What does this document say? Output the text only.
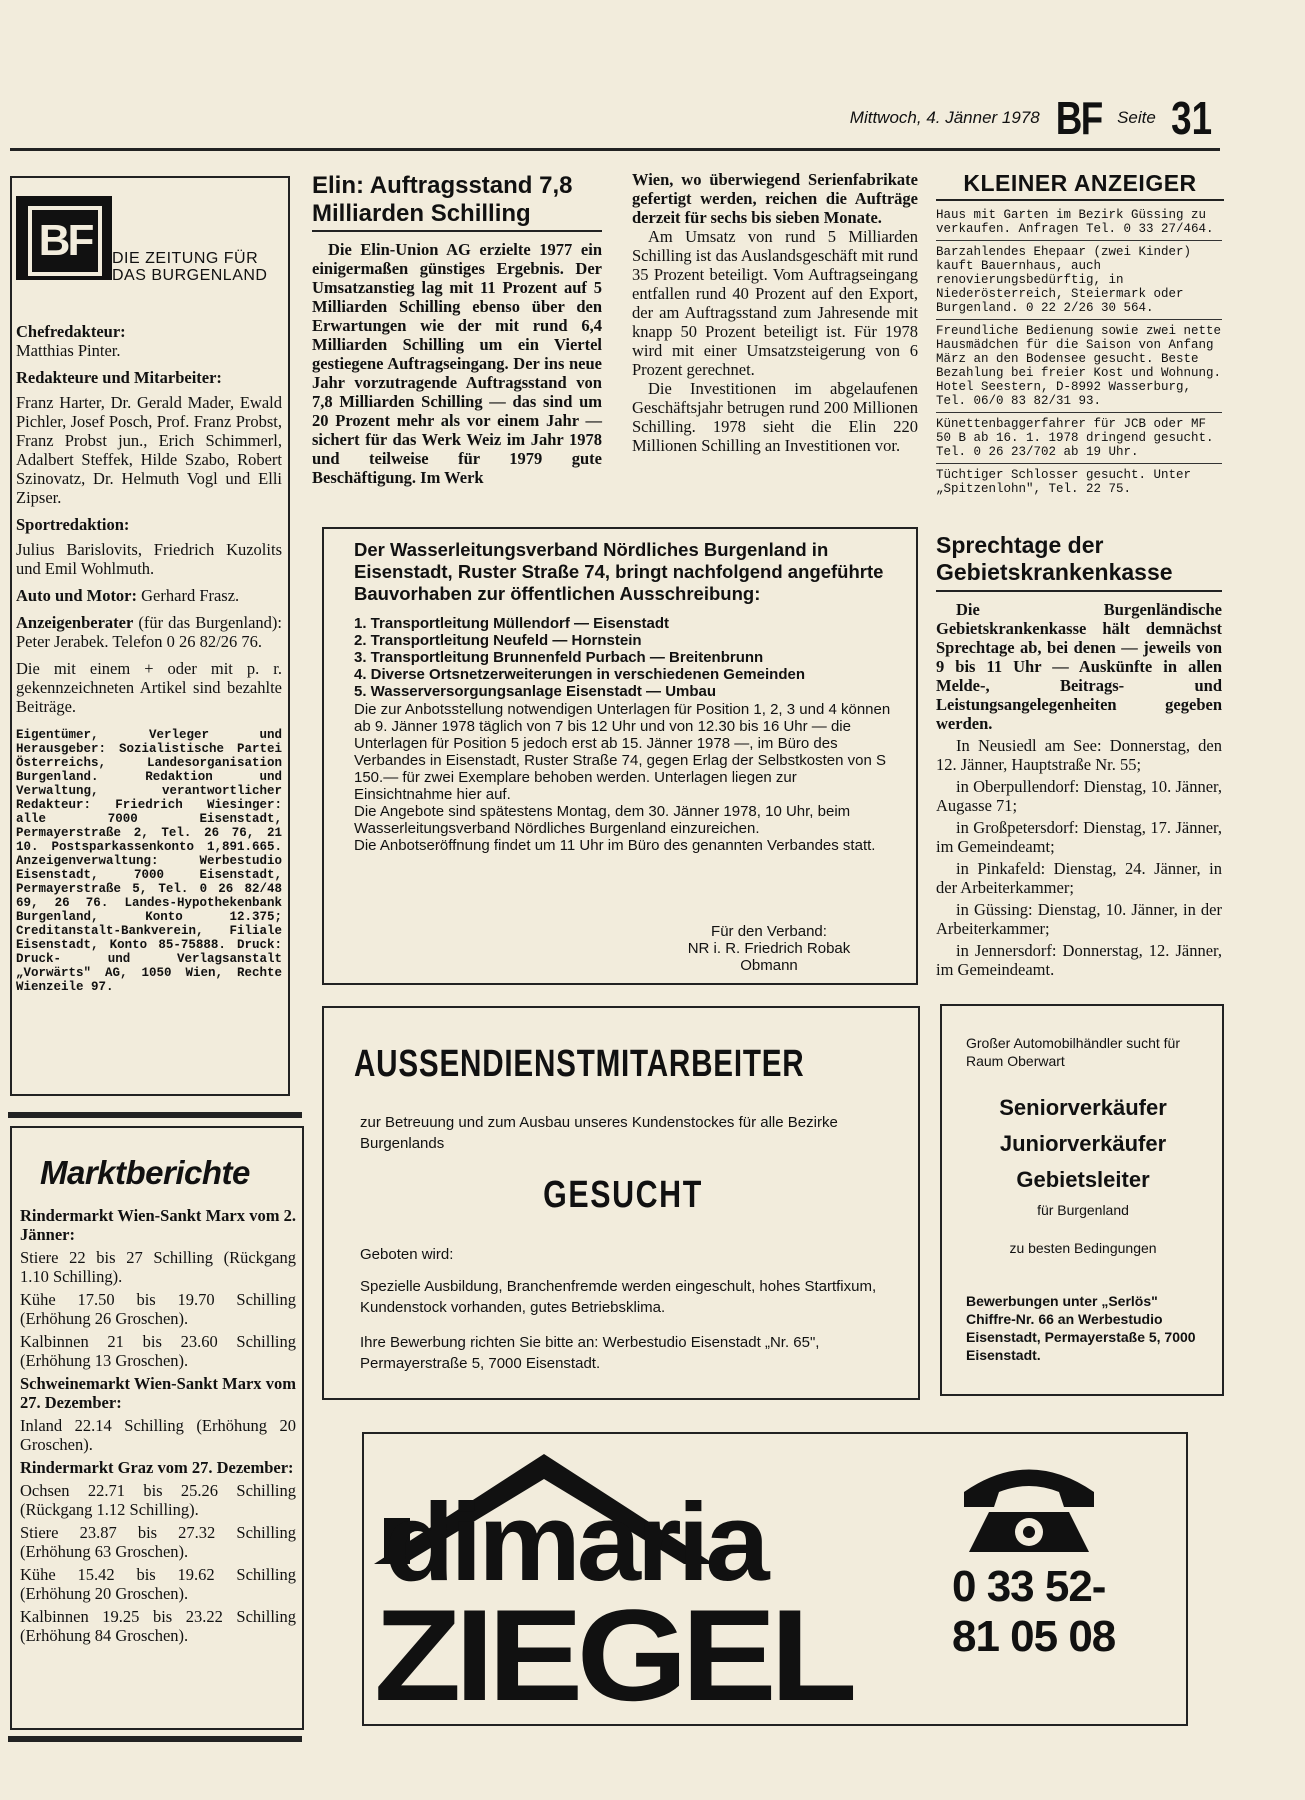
Mittwoch, 4. Jänner 1978 BF Seite 31
BF	DIE ZEITUNG FÜR DAS BURGENLAND

Chefredakteur:

Matthias Pinter.

Redakteure und Mitarbeiter:

Franz Harter, Dr. Gerald Mader, Ewald Pichler, Josef Posch, Prof. Franz Probst, Franz Probst jun., Erich Schimmerl, Adalbert Steffek, Hilde Szabo, Robert Szinovatz, Dr. Helmuth Vogl und Elli Zipser.

Sportredaktion:

Julius Barislovits, Friedrich Kuzolits und Emil Wohlmuth.

Auto und Motor: Gerhard Frasz.

Anzeigenberater (für das Burgenland): Peter Jerabek. Telefon 0 26 82/26 76.

Die mit einem + oder mit p. r. gekennzeichneten Artikel sind bezahlte Beiträge.

Eigentümer, Verleger und Herausgeber: Sozialistische Partei Österreichs, Landesorganisation Burgenland. Redaktion und Verwaltung, verantwortlicher Redakteur: Friedrich Wiesinger: alle 7000 Eisenstadt, Permayerstraße 2, Tel. 26 76, 21 10. Postsparkassenkonto 1,891.665. Anzeigenverwaltung: Werbestudio Eisenstadt, 7000 Eisenstadt, Permayerstraße 5, Tel. 0 26 82/48 69, 26 76. Landes-Hypothekenbank Burgenland, Konto 12.375; Creditanstalt-Bankverein, Filiale Eisenstadt, Konto 85-75888. Druck: Druck- und Verlagsanstalt „Vorwärts" AG, 1050 Wien, Rechte Wienzeile 97.

Marktberichte

Rindermarkt Wien-Sankt Marx vom 2. Jänner:

Stiere 22 bis 27 Schilling (Rückgang 1.10 Schilling).

Kühe 17.50 bis 19.70 Schilling (Erhöhung 26 Groschen).

Kalbinnen 21 bis 23.60 Schilling (Erhöhung 13 Groschen).

Schweinemarkt Wien-Sankt Marx vom 27. Dezember:

Inland 22.14 Schilling (Erhöhung 20 Groschen).

Rindermarkt Graz vom 27. Dezember:

Ochsen 22.71 bis 25.26 Schilling (Rückgang 1.12 Schilling).

Stiere 23.87 bis 27.32 Schilling (Erhöhung 63 Groschen).

Kühe 15.42 bis 19.62 Schilling (Erhöhung 20 Groschen).

Kalbinnen 19.25 bis 23.22 Schilling (Erhöhung 84 Groschen).

Elin: Auftragsstand 7,8 Milliarden Schilling

Die Elin-Union AG erzielte 1977 ein einigermaßen günstiges Ergebnis. Der Umsatzanstieg lag mit 11 Prozent auf 5 Milliarden Schilling ebenso über den Erwartungen wie der mit rund 6,4 Milliarden Schilling um ein Viertel gestiegene Auftragseingang. Der ins neue Jahr vorzutragende Auftragsstand von 7,8 Milliarden Schilling — das sind um 20 Prozent mehr als vor einem Jahr — sichert für das Werk Weiz im Jahr 1978 und teilweise für 1979 gute Beschäftigung. Im Werk

Wien, wo überwiegend Serienfabrikate gefertigt werden, reichen die Aufträge derzeit für sechs bis sieben Monate.

Am Umsatz von rund 5 Milliarden Schilling ist das Auslandsgeschäft mit rund 35 Prozent beteiligt. Vom Auftragseingang entfallen rund 40 Prozent auf den Export, der am Auftragsstand zum Jahresende mit knapp 50 Prozent beteiligt ist. Für 1978 wird mit einer Umsatzsteigerung von 6 Prozent gerechnet.

Die Investitionen im abgelaufenen Geschäftsjahr betrugen rund 200 Millionen Schilling. 1978 sieht die Elin 220 Millionen Schilling an Investitionen vor.

KLEINER ANZEIGER
Haus mit Garten im Bezirk Güssing zu verkaufen. Anfragen Tel. 0 33 27/464.
Barzahlendes Ehepaar (zwei Kinder) kauft Bauernhaus, auch renovierungsbedürftig, in Niederösterreich, Steiermark oder Burgenland. 0 22 2/26 30 564.
Freundliche Bedienung sowie zwei nette Hausmädchen für die Saison von Anfang März an den Bodensee gesucht. Beste Bezahlung bei freier Kost und Wohnung. Hotel Seestern, D-8992 Wasserburg, Tel. 06/0 83 82/31 93.
Künettenbaggerfahrer für JCB oder MF 50 B ab 16. 1. 1978 dringend gesucht. Tel. 0 26 23/702 ab 19 Uhr.
Tüchtiger Schlosser gesucht. Unter „Spitzenlohn", Tel. 22 75.
Sprechtage der Gebietskrankenkasse

Die Burgenländische Gebietskrankenkasse hält demnächst Sprechtage ab, bei denen — jeweils von 9 bis 11 Uhr — Auskünfte in allen Melde-, Beitrags- und Leistungsangelegenheiten gegeben werden.

In Neusiedl am See: Donnerstag, den 12. Jänner, Hauptstraße Nr. 55;

in Oberpullendorf: Dienstag, 10. Jänner, Augasse 71;

in Großpetersdorf: Dienstag, 17. Jänner, im Gemeindeamt;

in Pinkafeld: Dienstag, 24. Jänner, in der Arbeiterkammer;

in Güssing: Dienstag, 10. Jänner, in der Arbeiterkammer;

in Jennersdorf: Donnerstag, 12. Jänner, im Gemeindeamt.

Der Wasserleitungsverband Nördliches Burgenland in Eisenstadt, Ruster Straße 74, bringt nachfolgend angeführte Bauvorhaben zur öffentlichen Ausschreibung:

1. Transportleitung Müllendorf — Eisenstadt

2. Transportleitung Neufeld — Hornstein

3. Transportleitung Brunnenfeld Purbach — Breitenbrunn

4. Diverse Ortsnetzerweiterungen in verschiedenen Gemeinden

5. Wasserversorgungsanlage Eisenstadt — Umbau

Die zur Anbotsstellung notwendigen Unterlagen für Position 1, 2, 3 und 4 können ab 9. Jänner 1978 täglich von 7 bis 12 Uhr und von 12.30 bis 16 Uhr — die Unterlagen für Position 5 jedoch erst ab 15. Jänner 1978 —, im Büro des Verbandes in Eisenstadt, Ruster Straße 74, gegen Erlag der Selbstkosten von S 150.— für zwei Exemplare behoben werden. Unterlagen liegen zur Einsichtnahme hier auf.

Die Angebote sind spätestens Montag, dem 30. Jänner 1978, 10 Uhr, beim Wasserleitungsverband Nördliches Burgenland einzureichen.

Die Anbotseröffnung findet um 11 Uhr im Büro des genannten Verbandes statt.

Für den Verband:

NR i. R. Friedrich Robak

Obmann

AUSSENDIENSTMITARBEITER
zur Betreuung und zum Ausbau unseres Kundenstockes für alle Bezirke Burgenlands
GESUCHT
Geboten wird:
Spezielle Ausbildung, Branchenfremde werden eingeschult, hohes Startfixum, Kundenstock vorhanden, gutes Betriebsklima.
Ihre Bewerbung richten Sie bitte an: Werbestudio Eisenstadt „Nr. 65", Permayerstraße 5, 7000 Eisenstadt.
Großer Automobilhändler sucht für Raum Oberwart

Seniorverkäufer

Juniorverkäufer

Gebietsleiter

für Burgenland
zu besten Bedingungen
Bewerbungen unter „Serlös" Chiffre-Nr. 66 an Werbestudio Eisenstadt, Permayerstaße 5, 7000 Eisenstadt.
dimaria
ZIEGEL 0 33 52-
81 05 08
